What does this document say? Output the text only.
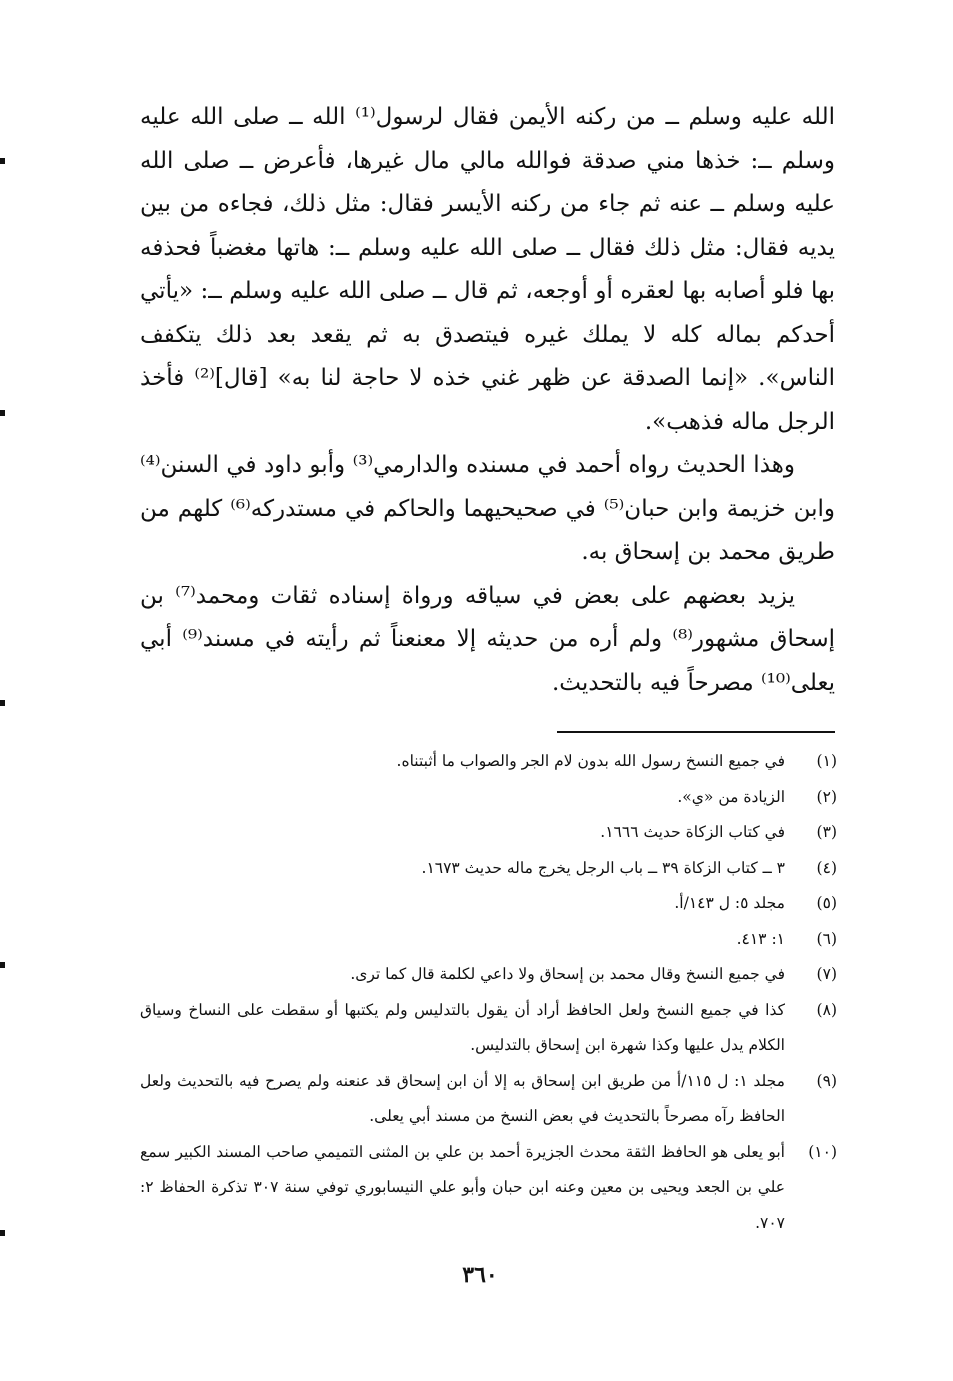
الله عليه وسلم ــ من ركنه الأيمن فقال لرسول⁽¹⁾ الله ــ صلى الله عليه وسلم ــ: خذها مني صدقة فوالله مالي مال غيرها، فأعرض ــ صلى الله عليه وسلم ــ عنه ثم جاء من ركنه الأيسر فقال: مثل ذلك، فجاءه من بين يديه فقال: مثل ذلك فقال ــ صلى الله عليه وسلم ــ: هاتها مغضباً فحذفه بها فلو أصابه بها لعقره أو أوجعه، ثم قال ــ صلى الله عليه وسلم ــ: «يأتي أحدكم بماله كله لا يملك غيره فيتصدق به ثم يقعد بعد ذلك يتكفف الناس». «إنما الصدقة عن ظهر غني خذه لا حاجة لنا به» [قال]⁽²⁾ فأخذ الرجل ماله فذهب».

وهذا الحديث رواه أحمد في مسنده والدارمي⁽³⁾ وأبو داود في السنن⁽⁴⁾ وابن خزيمة وابن حبان⁽⁵⁾ في صحيحيهما والحاكم في مستدركه⁽⁶⁾ كلهم من طريق محمد بن إسحاق به.

يزيد بعضهم على بعض في سياقه ورواة إسناده ثقات ومحمد⁽⁷⁾ بن إسحاق مشهور⁽⁸⁾ ولم أره من حديثه إلا معنعناً ثم رأيته في مسند⁽⁹⁾ أبي يعلى⁽¹⁰⁾ مصرحاً فيه بالتحديث.

(١)
في جميع النسخ رسول الله بدون لام الجر والصواب ما أثبتناه.
(٢)
الزيادة من «ي».
(٣)
في كتاب الزكاة حديث ١٦٦٦.
(٤)
٣ ــ كتاب الزكاة ٣٩ ــ باب الرجل يخرج ماله حديث ١٦٧٣.
(٥)
مجلد ٥: ل ١٤٣/أ.
(٦)
١: ٤١٣.
(٧)
في جميع النسخ وقال محمد بن إسحاق ولا داعي لكلمة قال كما ترى.
(٨)
كذا في جميع النسخ ولعل الحافظ أراد أن يقول بالتدليس ولم يكتبها أو سقطت على النساخ وسياق الكلام يدل عليها وكذا شهرة ابن إسحاق بالتدليس.
(٩)
مجلد ١: ل ١١٥/أ من طريق ابن إسحاق به إلا أن ابن إسحاق قد عنعنه ولم يصرح فيه بالتحديث ولعل الحافظ رآه مصرحاً بالتحديث في بعض النسخ من مسند أبي يعلى.
(١٠)
أبو يعلى هو الحافظ الثقة محدث الجزيرة أحمد بن علي بن المثنى التميمي صاحب المسند الكبير سمع علي بن الجعد ويحيى بن معين وعنه ابن حبان وأبو علي النيسابوري توفي سنة ٣٠٧ تذكرة الحفاظ ٢: ٧٠٧.
٣٦٠
